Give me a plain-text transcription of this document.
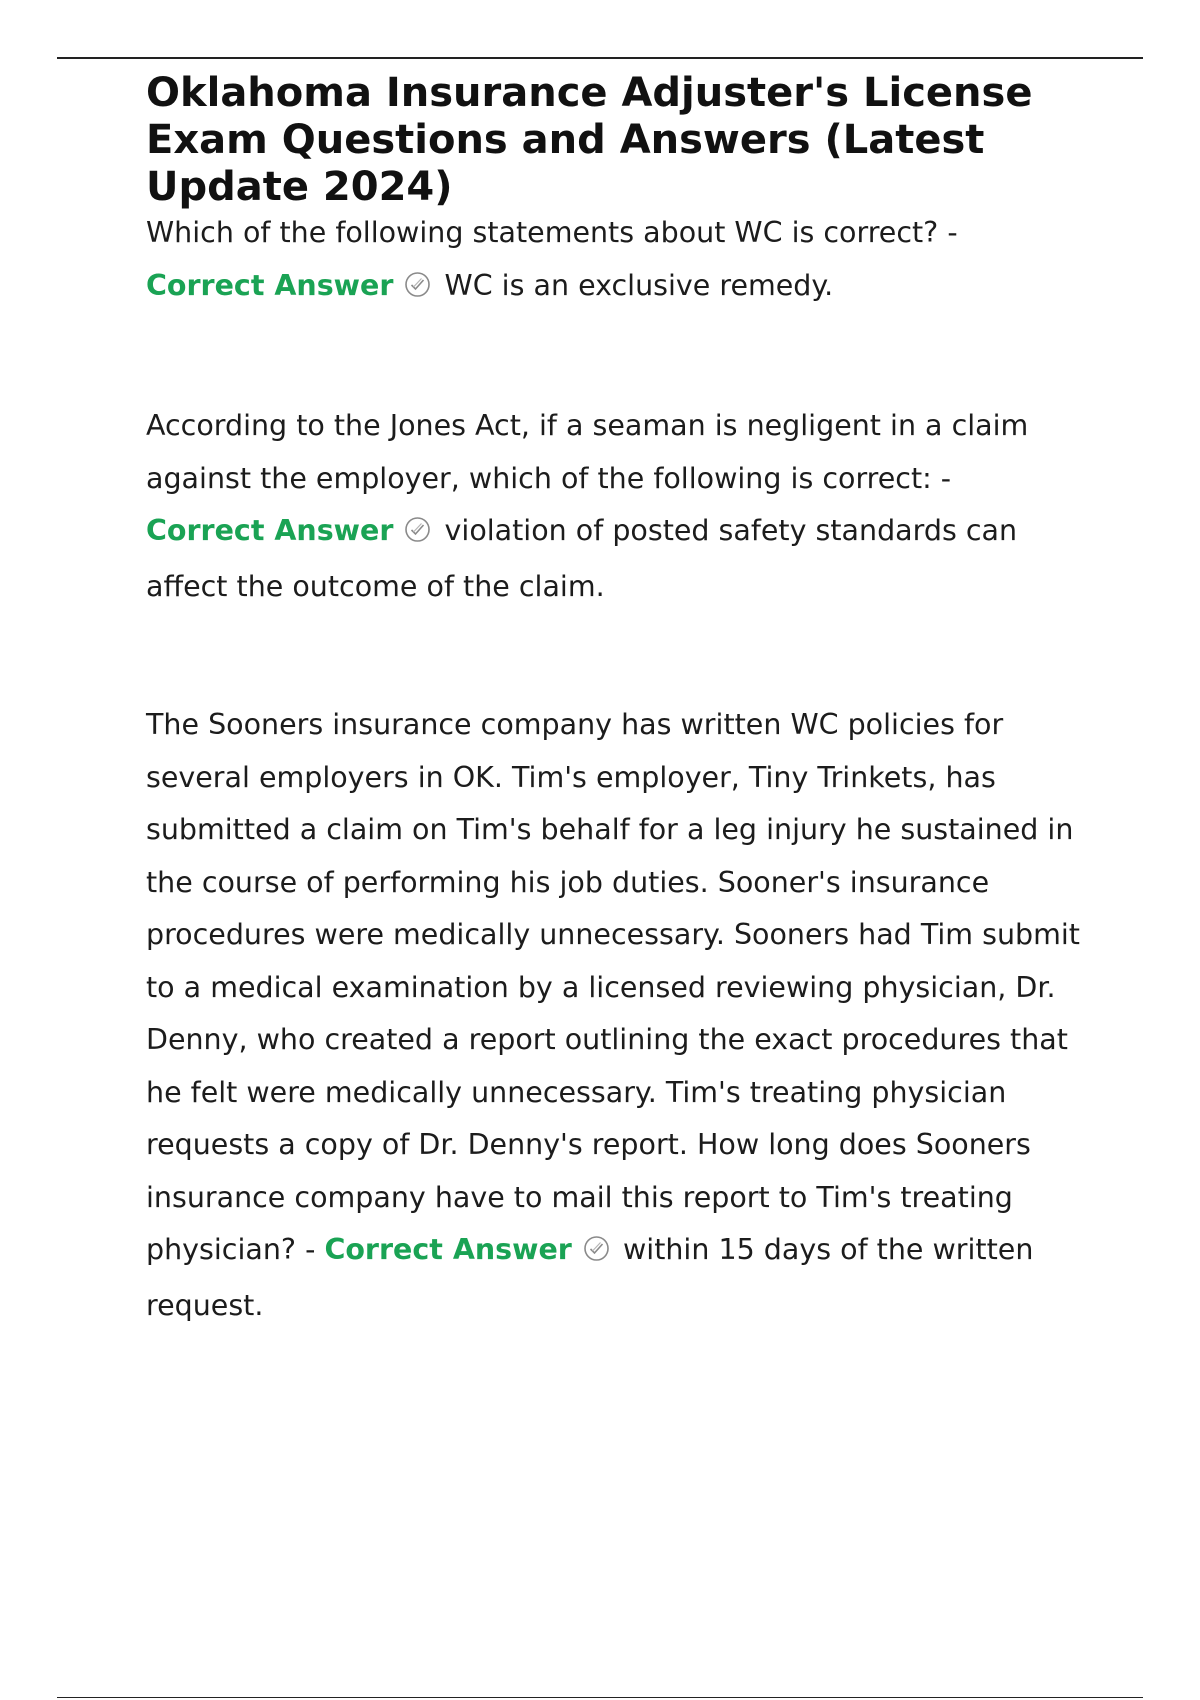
Oklahoma Insurance Adjuster's License Exam Questions and Answers (Latest Update 2024)

Which of the following statements about WC is correct? -
Correct Answer WC is an exclusive remedy.

According to the Jones Act, if a seaman is negligent in a claim against the employer, which of the following is correct: -
Correct Answer violation of posted safety standards can affect the outcome of the claim.

The Sooners insurance company has written WC policies for several employers in OK. Tim's employer, Tiny Trinkets, has submitted a claim on Tim's behalf for a leg injury he sustained in the course of performing his job duties. Sooner's insurance procedures were medically unnecessary. Sooners had Tim submit to a medical examination by a licensed reviewing physician, Dr. Denny, who created a report outlining the exact procedures that he felt were medically unnecessary. Tim's treating physician requests a copy of Dr. Denny's report. How long does Sooners insurance company have to mail this report to Tim's treating physician? - Correct Answer within 15 days of the written request.
